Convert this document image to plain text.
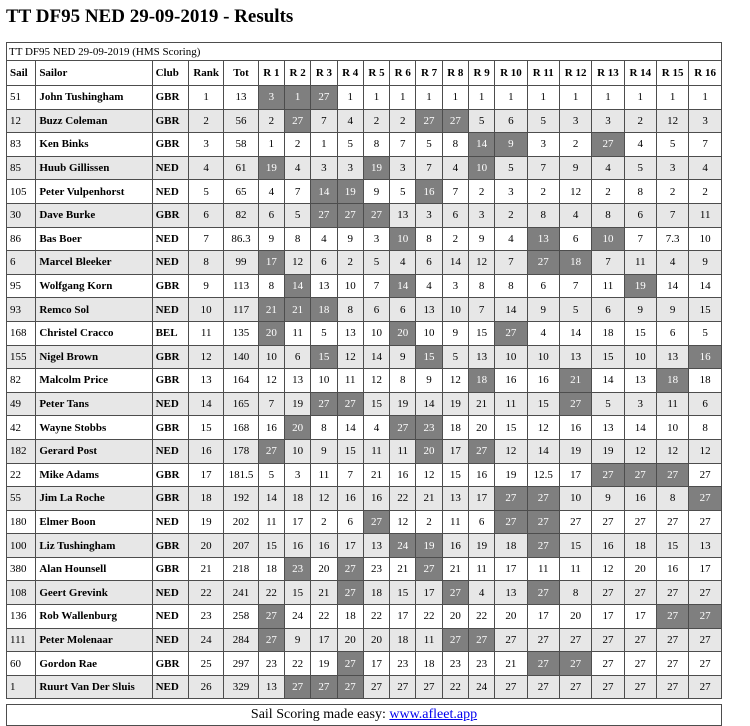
TT DF95 NED 29-09-2019 - Results
TT DF95 NED 29-09-2019 (HMS Scoring)																				
Sail	Sailor	Club	Rank	Tot	R 1	R 2	R 3	R 4	R 5	R 6	R 7	R 8	R 9	R 10	R 11	R 12	R 13	R 14	R 15	R 16
51	John Tushingham	GBR	1	13	3	1	27	1	1	1	1	1	1	1	1	1	1	1	1	1
12	Buzz Coleman	GBR	2	56	2	27	7	4	2	2	27	27	5	6	5	3	3	2	12	3
83	Ken Binks	GBR	3	58	1	2	1	5	8	7	5	8	14	9	3	2	27	4	5	7
85	Huub Gillissen	NED	4	61	19	4	3	3	19	3	7	4	10	5	7	9	4	5	3	4
105	Peter Vulpenhorst	NED	5	65	4	7	14	19	9	5	16	7	2	3	2	12	2	8	2	2
30	Dave Burke	GBR	6	82	6	5	27	27	27	13	3	6	3	2	8	4	8	6	7	11
86	Bas Boer	NED	7	86.3	9	8	4	9	3	10	8	2	9	4	13	6	10	7	7.3	10
6	Marcel Bleeker	NED	8	99	17	12	6	2	5	4	6	14	12	7	27	18	7	11	4	9
95	Wolfgang Korn	GBR	9	113	8	14	13	10	7	14	4	3	8	8	6	7	11	19	14	14
93	Remco Sol	NED	10	117	21	21	18	8	6	6	13	10	7	14	9	5	6	9	9	15
168	Christel Cracco	BEL	11	135	20	11	5	13	10	20	10	9	15	27	4	14	18	15	6	5
155	Nigel Brown	GBR	12	140	10	6	15	12	14	9	15	5	13	10	10	13	15	10	13	16
82	Malcolm Price	GBR	13	164	12	13	10	11	12	8	9	12	18	16	16	21	14	13	18	18
49	Peter Tans	NED	14	165	7	19	27	27	15	19	14	19	21	11	15	27	5	3	11	6
42	Wayne Stobbs	GBR	15	168	16	20	8	14	4	27	23	18	20	15	12	16	13	14	10	8
182	Gerard Post	NED	16	178	27	10	9	15	11	11	20	17	27	12	14	19	19	12	12	12
22	Mike Adams	GBR	17	181.5	5	3	11	7	21	16	12	15	16	19	12.5	17	27	27	27	27
55	Jim La Roche	GBR	18	192	14	18	12	16	16	22	21	13	17	27	27	10	9	16	8	27
180	Elmer Boon	NED	19	202	11	17	2	6	27	12	2	11	6	27	27	27	27	27	27	27
100	Liz Tushingham	GBR	20	207	15	16	16	17	13	24	19	16	19	18	27	15	16	18	15	13
380	Alan Hounsell	GBR	21	218	18	23	20	27	23	21	27	21	11	17	11	11	12	20	16	17
108	Geert Grevink	NED	22	241	22	15	21	27	18	15	17	27	4	13	27	8	27	27	27	27
136	Rob Wallenburg	NED	23	258	27	24	22	18	22	17	22	20	22	20	17	20	17	17	27	27
111	Peter Molenaar	NED	24	284	27	9	17	20	20	18	11	27	27	27	27	27	27	27	27	27
60	Gordon Rae	GBR	25	297	23	22	19	27	17	23	18	23	23	21	27	27	27	27	27	27
1	Ruurt Van Der Sluis	NED	26	329	13	27	27	27	27	27	27	22	24	27	27	27	27	27	27	27
Sail Scoring made easy: www.afleet.app
